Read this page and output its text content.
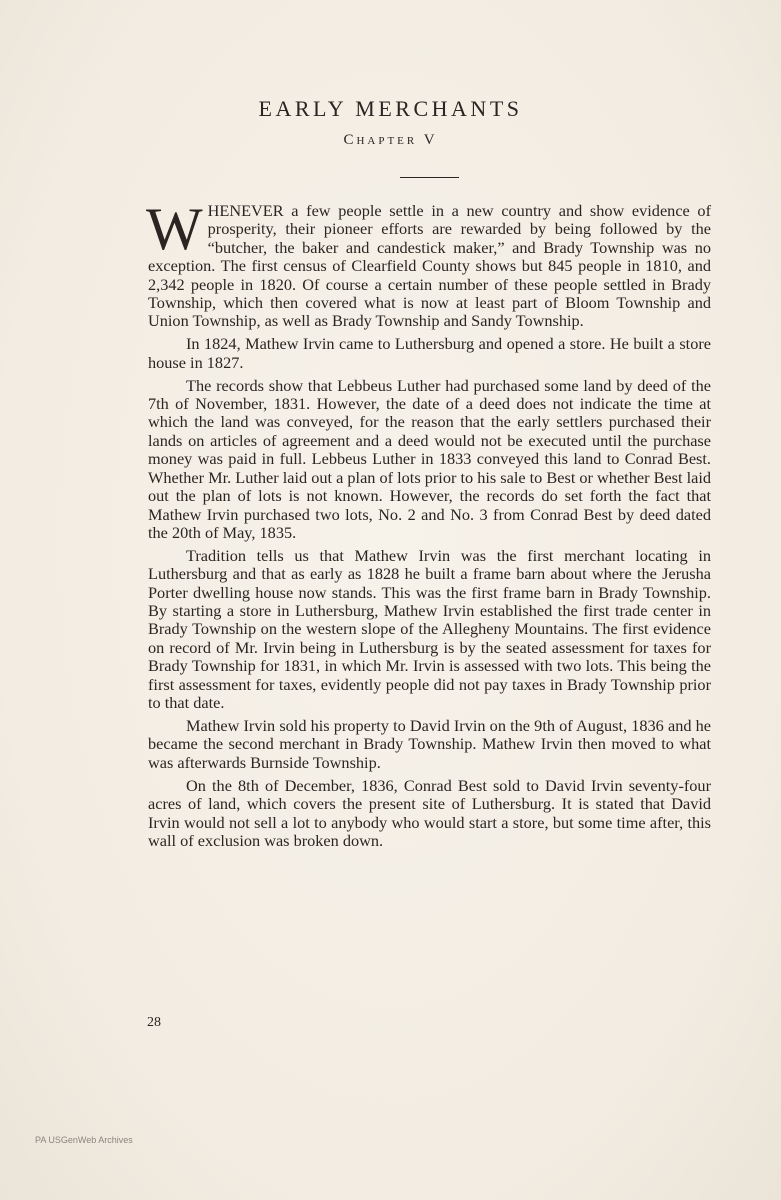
EARLY MERCHANTS
Chapter V

WHENEVER a few people settle in a new country and show evidence of prosperity, their pioneer efforts are rewarded by being followed by the “butcher, the baker and candestick maker,” and Brady Township was no exception. The first census of Clearfield County shows but 845 people in 1810, and 2,342 people in 1820. Of course a certain number of these people settled in Brady Township, which then covered what is now at least part of Bloom Township and Union Township, as well as Brady Township and Sandy Township.

In 1824, Mathew Irvin came to Luthersburg and opened a store. He built a store house in 1827.

The records show that Lebbeus Luther had purchased some land by deed of the 7th of November, 1831. However, the date of a deed does not indicate the time at which the land was conveyed, for the reason that the early settlers purchased their lands on articles of agreement and a deed would not be executed until the purchase money was paid in full. Lebbeus Luther in 1833 conveyed this land to Conrad Best. Whether Mr. Luther laid out a plan of lots prior to his sale to Best or whether Best laid out the plan of lots is not known. However, the records do set forth the fact that Mathew Irvin purchased two lots, No. 2 and No. 3 from Conrad Best by deed dated the 20th of May, 1835.

Tradition tells us that Mathew Irvin was the first merchant locating in Luthersburg and that as early as 1828 he built a frame barn about where the Jerusha Porter dwelling house now stands. This was the first frame barn in Brady Township. By starting a store in Luthersburg, Mathew Irvin established the first trade center in Brady Township on the western slope of the Allegheny Mountains. The first evidence on record of Mr. Irvin being in Luthersburg is by the seated assessment for taxes for Brady Township for 1831, in which Mr. Irvin is assessed with two lots. This being the first assessment for taxes, evidently people did not pay taxes in Brady Township prior to that date.

Mathew Irvin sold his property to David Irvin on the 9th of August, 1836 and he became the second merchant in Brady Township. Mathew Irvin then moved to what was afterwards Burnside Township.

On the 8th of December, 1836, Conrad Best sold to David Irvin seventy-four acres of land, which covers the present site of Luthersburg. It is stated that David Irvin would not sell a lot to anybody who would start a store, but some time after, this wall of exclusion was broken down.

28
PA USGenWeb Archives
